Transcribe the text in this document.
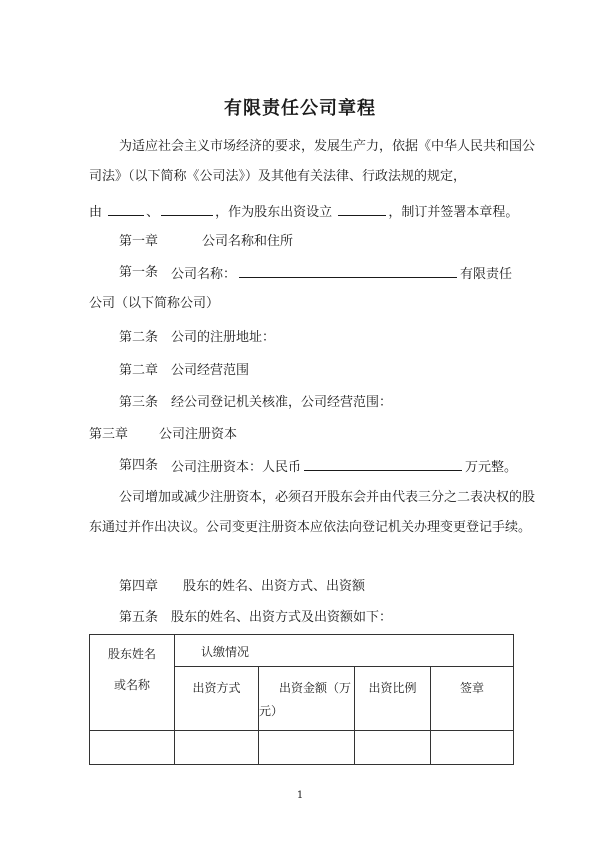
有限责任公司章程
为适应社会主义市场经济的要求，发展生产力，依据《中华人民共和国公
司法》（以下简称《公司法》）及其他有关法律、行政法规的规定，
由	、	，作为股东出资设立	，制订并签署本章程。
第一章	公司名称和住所
第一条 公司名称：	有限责任
公司（以下简称公司）
第二条 公司的注册地址：
第二章 公司经营范围
第三条 经公司登记机关核准，公司经营范围：
第三章 公司注册资本
第四条 公司注册资本：人民币	万元整。
公司增加或减少注册资本，必须召开股东会并由代表三分之二表决权的股
东通过并作出决议。公司变更注册资本应依法向登记机关办理变更登记手续。
第四章 股东的姓名、出资方式、出资额
第五条 股东的姓名、出资方式及出资额如下：
股东姓名
或名称	认缴情况			

	出资方式	出资金额（万
元）	出资比例	签章

1
